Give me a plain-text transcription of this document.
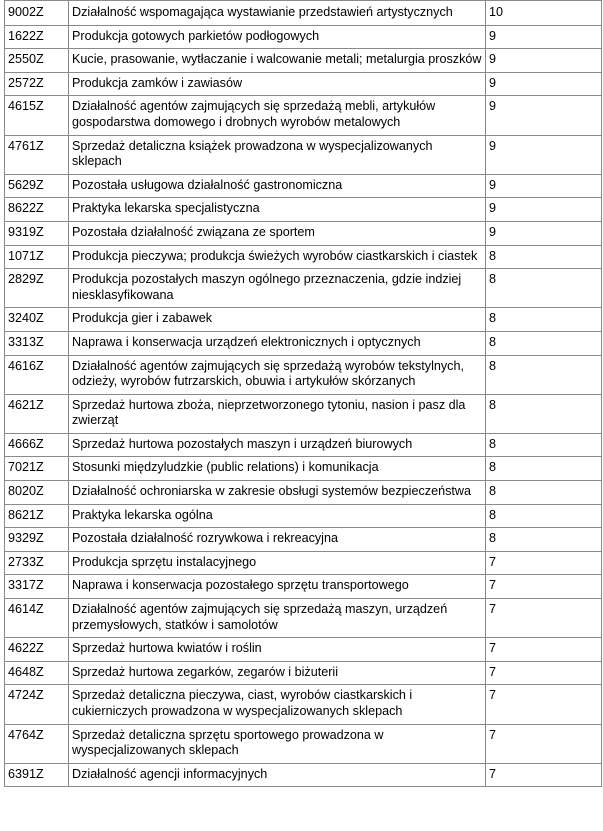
9002Z	Działalność wspomagająca wystawianie przedstawień artystycznych	10
1622Z	Produkcja gotowych parkietów podłogowych	9
2550Z	Kucie, prasowanie, wytłaczanie i walcowanie metali; metalurgia proszków	9
2572Z	Produkcja zamków i zawiasów	9
4615Z	Działalność agentów zajmujących się sprzedażą mebli, artykułów gospodarstwa domowego i drobnych wyrobów metalowych	9
4761Z	Sprzedaż detaliczna książek prowadzona w wyspecjalizowanych sklepach	9
5629Z	Pozostała usługowa działalność gastronomiczna	9
8622Z	Praktyka lekarska specjalistyczna	9
9319Z	Pozostała działalność związana ze sportem	9
1071Z	Produkcja pieczywa; produkcja świeżych wyrobów ciastkarskich i ciastek	8
2829Z	Produkcja pozostałych maszyn ogólnego przeznaczenia, gdzie indziej niesklasyfikowana	8
3240Z	Produkcja gier i zabawek	8
3313Z	Naprawa i konserwacja urządzeń elektronicznych i optycznych	8
4616Z	Działalność agentów zajmujących się sprzedażą wyrobów tekstylnych, odzieży, wyrobów futrzarskich, obuwia i artykułów skórzanych	8
4621Z	Sprzedaż hurtowa zboża, nieprzetworzonego tytoniu, nasion i pasz dla zwierząt	8
4666Z	Sprzedaż hurtowa pozostałych maszyn i urządzeń biurowych	8
7021Z	Stosunki międzyludzkie (public relations) i komunikacja	8
8020Z	Działalność ochroniarska w zakresie obsługi systemów bezpieczeństwa	8
8621Z	Praktyka lekarska ogólna	8
9329Z	Pozostała działalność rozrywkowa i rekreacyjna	8
2733Z	Produkcja sprzętu instalacyjnego	7
3317Z	Naprawa i konserwacja pozostałego sprzętu transportowego	7
4614Z	Działalność agentów zajmujących się sprzedażą maszyn, urządzeń przemysłowych, statków i samolotów	7
4622Z	Sprzedaż hurtowa kwiatów i roślin	7
4648Z	Sprzedaż hurtowa zegarków, zegarów i biżuterii	7
4724Z	Sprzedaż detaliczna pieczywa, ciast, wyrobów ciastkarskich i cukierniczych prowadzona w wyspecjalizowanych sklepach	7
4764Z	Sprzedaż detaliczna sprzętu sportowego prowadzona w wyspecjalizowanych sklepach	7
6391Z	Działalność agencji informacyjnych	7
